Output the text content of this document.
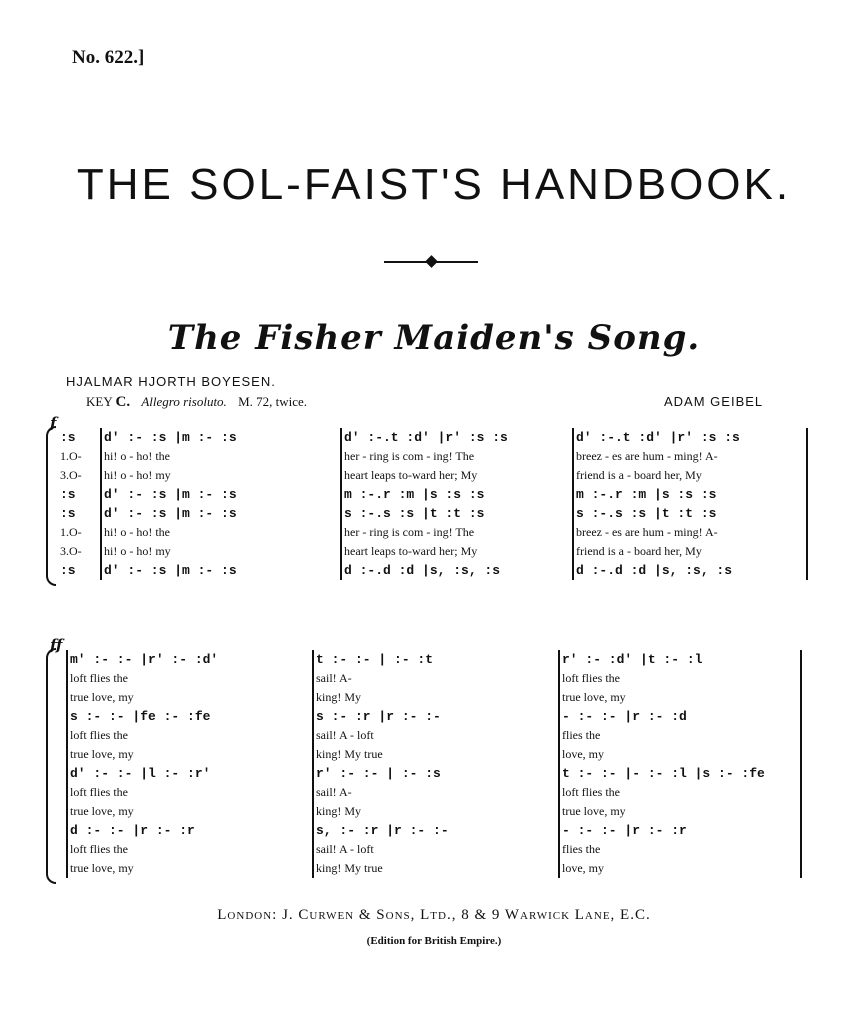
No. 622.]
THE SOL-FAIST'S HANDBOOK.
The Fisher Maiden's Song.
HJALMAR HJORTH BOYESEN.
KEY C. Allegro risoluto. M. 72, twice.	ADAM GEIBEL
f
:s	d' :- :s |m :- :s	d' :-.t :d' |r' :s :s	d' :-.t :d' |r' :s :s
1.O-	hi! o - ho! the	her - ring is com - ing! The	breez - es are hum - ming! A-
3.O-	hi! o - ho! my	heart leaps to-ward her; My	friend is a - board her, My
:s	d' :- :s |m :- :s	m :-.r :m |s :s :s	m :-.r :m |s :s :s
:s	d' :- :s |m :- :s	s :-.s :s |t :t :s	s :-.s :s |t :t :s
1.O-	hi! o - ho! the	her - ring is com - ing! The	breez - es are hum - ming! A-
3.O-	hi! o - ho! my	heart leaps to-ward her; My	friend is a - board her, My
:s	d' :- :s |m :- :s	d :-.d :d |s, :s, :s	d :-.d :d |s, :s, :s
ff
m' :- :- |r' :- :d'	t :- :- | :- :t	r' :- :d' |t :- :l
loft flies the	sail! A-	loft flies the
true love, my	king! My	true love, my
s :- :- |fe :- :fe	s :- :r |r :- :-	- :- :- |r :- :d
loft flies the	sail! A - loft	flies the
true love, my	king! My true	love, my
d' :- :- |l :- :r'	r' :- :- | :- :s	t :- :- |- :- :l |s :- :fe
loft flies the	sail! A-	loft flies the
true love, my	king! My	true love, my
d :- :- |r :- :r	s, :- :r |r :- :-	- :- :- |r :- :r
loft flies the	sail! A - loft	flies the
true love, my	king! My true	love, my
London: J. Curwen & Sons, Ltd., 8 & 9 Warwick Lane, E.C.
(Edition for British Empire.)
